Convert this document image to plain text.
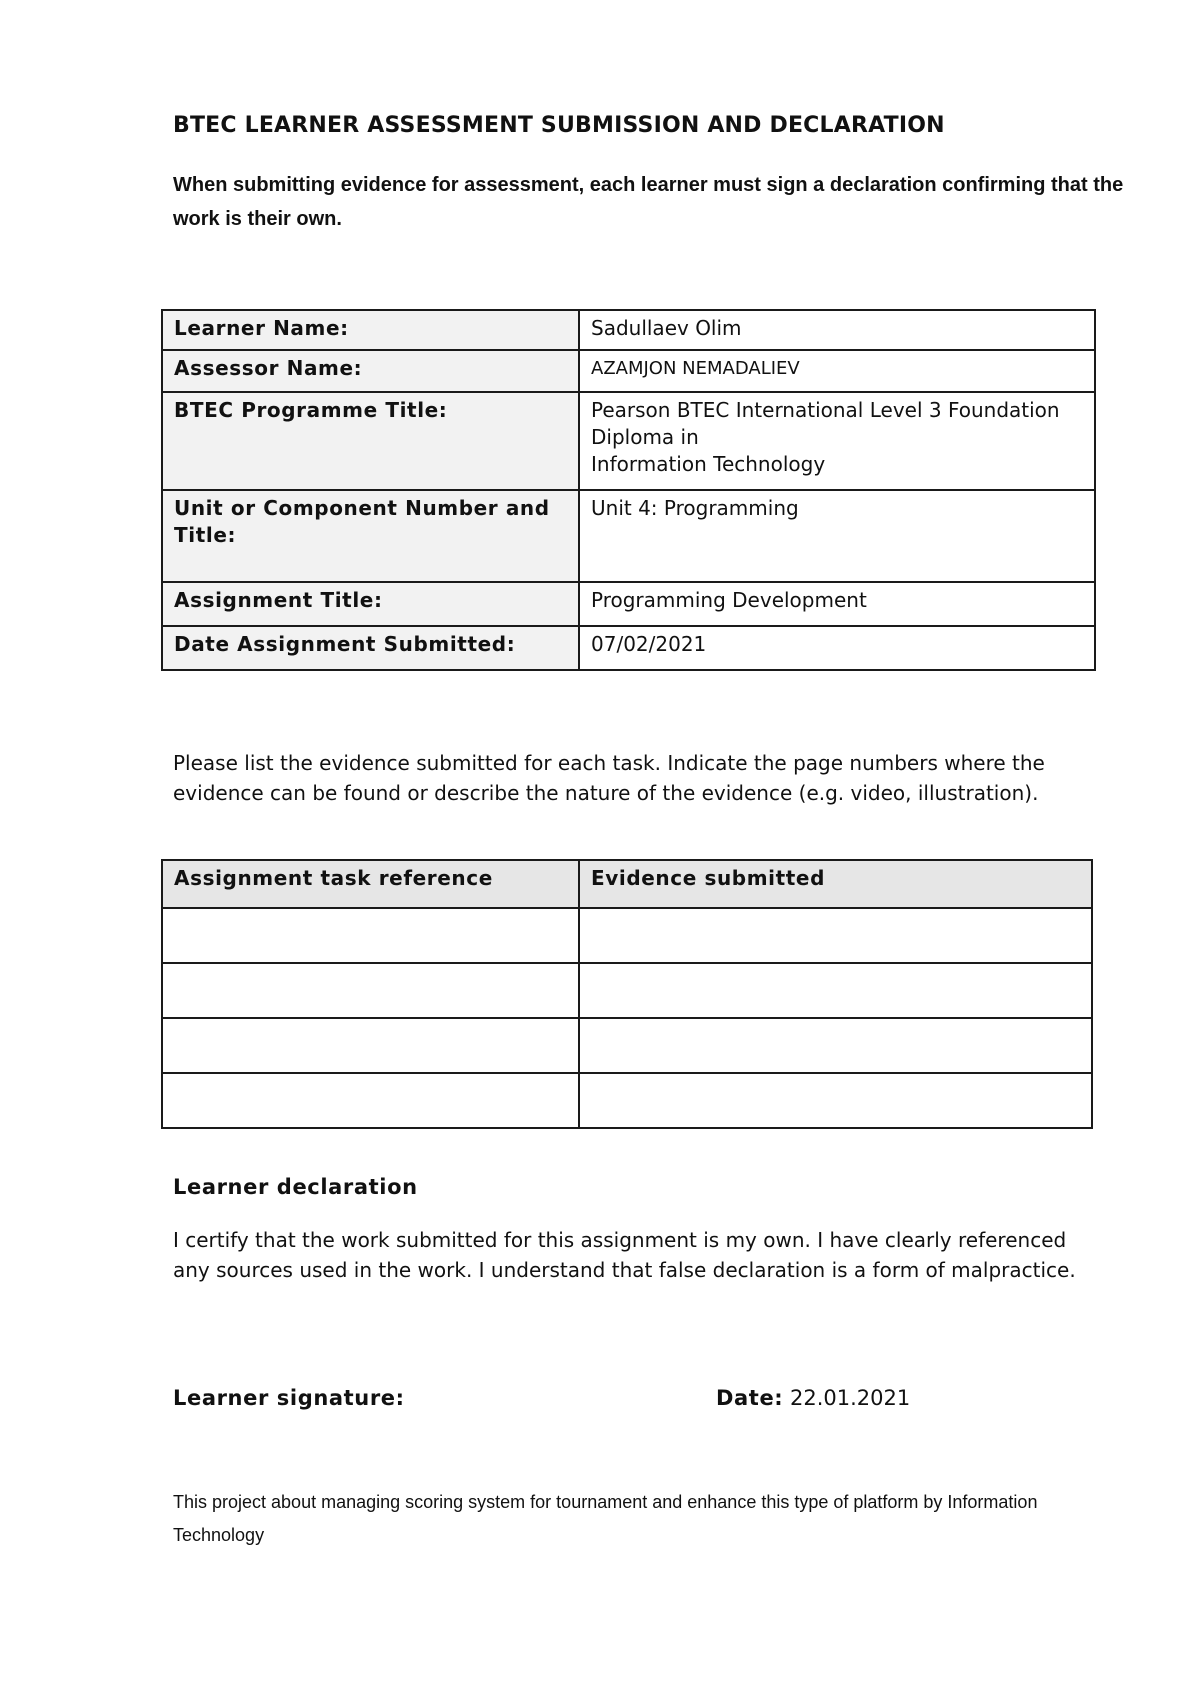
BTEC LEARNER ASSESSMENT SUBMISSION AND DECLARATION
When submitting evidence for assessment, each learner must sign a declaration confirming that the work is their own.
Learner Name:	Sadullaev Olim
Assessor Name:	AZAMJON NEMADALIEV
BTEC Programme Title:	Pearson BTEC International Level 3 Foundation Diploma in
Information Technology
Unit or Component Number and Title:	Unit 4: Programming
Assignment Title:	Programming Development
Date Assignment Submitted:	07/02/2021
Please list the evidence submitted for each task. Indicate the page numbers where the evidence can be found or describe the nature of the evidence (e.g. video, illustration).
Assignment task reference	Evidence submitted

Learner declaration
I certify that the work submitted for this assignment is my own. I have clearly referenced any sources used in the work. I understand that false declaration is a form of malpractice.
Learner signature:	Date: 22.01.2021
This project about managing scoring system for tournament and enhance this type of platform by Information Technology
